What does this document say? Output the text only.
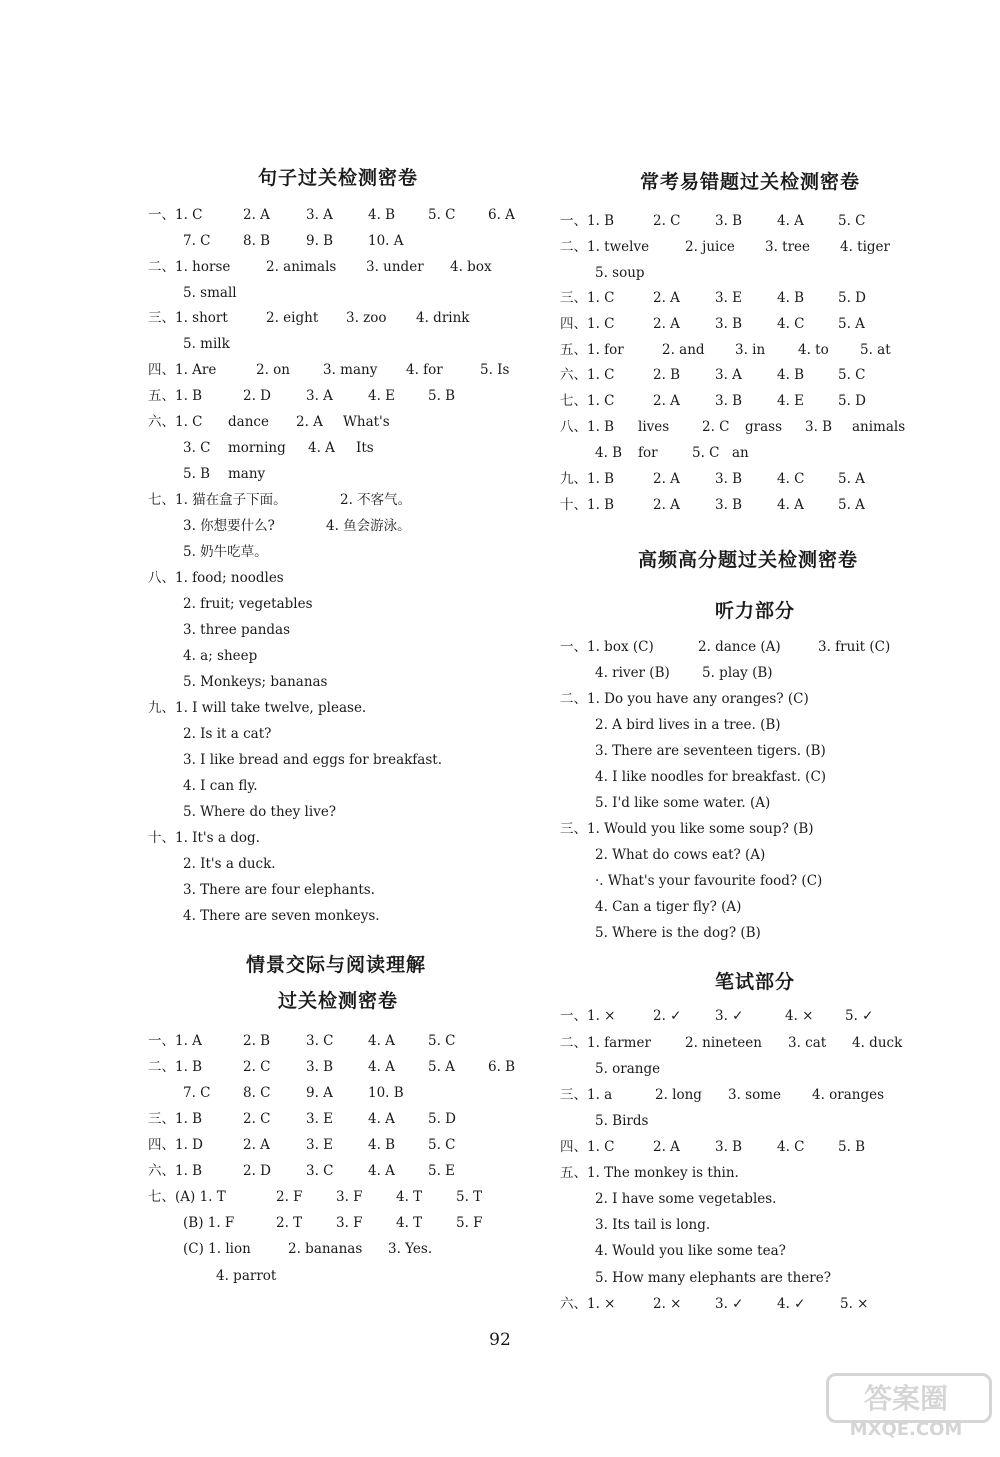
句子过关检测密卷
一、1. C	2. A	3. A	4. B 5. C 6. A
7. C 8. B	9. B	10. A
二、1. horse	2. animals 3. under 4. box
5. small
三、1. short	2. eight 3. zoo 4. drink
5. milk
四、1. Are	2. on 3. many 4. for	5. Is
五、1. B	2. D	3. A	4. E 5. B
六、1. C dance 2. A What's
3. C morning 4. A Its
5. B many
七、1. 猫在盒子下面。	2. 不客气。
3. 你想要什么?	4. 鱼会游泳。
5. 奶牛吃草。
八、1. food; noodles
2. fruit; vegetables
3. three pandas
4. a; sheep
5. Monkeys; bananas
九、1. I will take twelve, please.
2. Is it a cat?
3. I like bread and eggs for breakfast.
4. I can fly.
5. Where do they live?
十、1. It's a dog.
2. It's a duck.
3. There are four elephants.
4. There are seven monkeys.
情景交际与阅读理解
过关检测密卷
一、1. A	2. B	3. C	4. A 5. C
二、1. B	2. C	3. B	4. A 5. A 6. B
7. C 8. C	9. A	10. B
三、1. B	2. C	3. E	4. A 5. D
四、1. D	2. A	3. E	4. B 5. C
六、1. B	2. D	3. C	4. A 5. E
七、(A) 1. T	2. F 3. F 4. T	5. T
(B) 1. F	2. T	3. F 4. T	5. F
(C) 1. lion	2. bananas 3. Yes.
4. parrot
常考易错题过关检测密卷
一、1. B	2. C	3. B	4. A	5. C
二、1. twelve	2. juice 3. tree 4. tiger
5. soup
三、1. C	2. A	3. E	4. B	5. D
四、1. C	2. A	3. B	4. C 5. A
五、1. for	2. and 3. in 4. to 5. at
六、1. C	2. B	3. A	4. B	5. C
七、1. C	2. A	3. B	4. E	5. D
八、1. B lives 2. C grass 3. B animals
4. B for	5. C an
九、1. B	2. A	3. B	4. C 5. A
十、1. B	2. A	3. B	4. A	5. A
高频高分题过关检测密卷
听力部分
一、1. box (C)	2. dance (A)	3. fruit (C)
4. river (B) 5. play (B)
二、1. Do you have any oranges? (C)
2. A bird lives in a tree. (B)
3. There are seventeen tigers. (B)
4. I like noodles for breakfast. (C)
5. I'd like some water. (A)
三、1. Would you like some soup? (B)
2. What do cows eat? (A)
·. What's your favourite food? (C)
4. Can a tiger fly? (A)
5. Where is the dog? (B)
笔试部分
一、1. ×	2. ✓ 3. ✓	4. × 5. ✓
二、1. farmer	2. nineteen 3. cat 4. duck
5. orange
三、1. a	2. long 3. some 4. oranges
5. Birds
四、1. C	2. A	3. B	4. C 5. B
五、1. The monkey is thin.
2. I have some vegetables.
3. Its tail is long.
4. Would you like some tea?
5. How many elephants are there?
六、1. ×	2. × 3. ✓ 4. ✓	5. ×
92
答案圈
MXQE.COM
